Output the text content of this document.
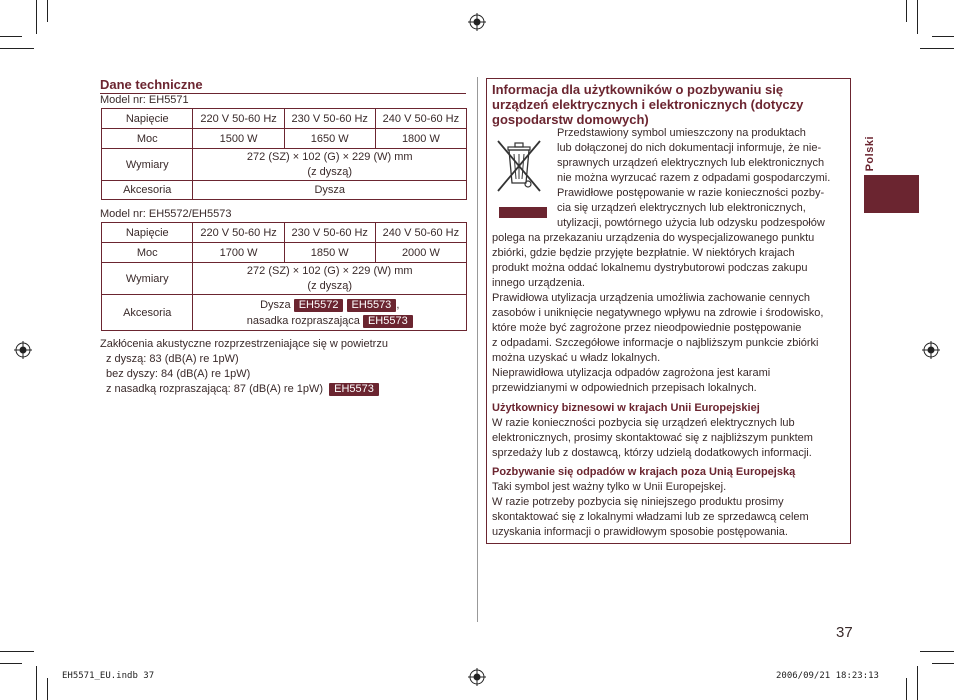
Dane techniczne
Model nr: EH5571
Napięcie	220 V 50-60 Hz	230 V 50-60 Hz	240 V 50-60 Hz
Moc	1500 W	1650 W	1800 W
Wymiary	272 (SZ) × 102 (G) × 229 (W) mm
(z dyszą)		
Akcesoria	Dysza		
Model nr: EH5572/EH5573
Napięcie	220 V 50-60 Hz	230 V 50-60 Hz	240 V 50-60 Hz
Moc	1700 W	1850 W	2000 W
Wymiary	272 (SZ) × 102 (G) × 229 (W) mm
(z dyszą)		
Akcesoria	Dysza EH5572 EH5573 ,
nasadka rozpraszająca EH5573		
Zakłócenia akustyczne rozprzestrzeniające się w powietrzu
z dyszą: 83 (dB(A) re 1pW)
bez dyszy: 84 (dB(A) re 1pW)
z nasadką rozpraszającą: 87 (dB(A) re 1pW) EH5573
Informacja dla użytkowników o pozbywaniu się urządzeń elektrycznych i elektronicznych (dotyczy gospodarstw domowych)
Przedstawiony symbol umieszczony na produktach
lub dołączonej do nich dokumentacji informuje, że nie-
sprawnych urządzeń elektrycznych lub elektronicznych
nie można wyrzucać razem z odpadami gospodarczymi.
Prawidłowe postępowanie w razie konieczności pozby-
cia się urządzeń elektrycznych lub elektronicznych,
utylizacji, powtórnego użycia lub odzysku podzespołów
polega na przekazaniu urządzenia do wyspecjalizowanego punktu
zbiórki, gdzie będzie przyjęte bezpłatnie. W niektórych krajach
produkt można oddać lokalnemu dystrybutorowi podczas zakupu
innego urządzenia.
Prawidłowa utylizacja urządzenia umożliwia zachowanie cennych
zasobów i uniknięcie negatywnego wpływu na zdrowie i środowisko,
które może być zagrożone przez nieodpowiednie postępowanie
z odpadami. Szczegółowe informacje o najbliższym punkcie zbiórki
można uzyskać u władz lokalnych.
Nieprawidłowa utylizacja odpadów zagrożona jest karami
przewidzianymi w odpowiednich przepisach lokalnych.
Użytkownicy biznesowi w krajach Unii Europejskiej
W razie konieczności pozbycia się urządzeń elektrycznych lub
elektronicznych, prosimy skontaktować się z najbliższym punktem
sprzedaży lub z dostawcą, którzy udzielą dodatkowych informacji.
Pozbywanie się odpadów w krajach poza Unią Europejską
Taki symbol jest ważny tylko w Unii Europejskej.
W razie potrzeby pozbycia się niniejszego produktu prosimy
skontaktować się z lokalnymi władzami lub ze sprzedawcą celem
uzyskania informacji o prawidłowym sposobie postępowania.
Polski
37
EH5571_EU.indb 37	2006/09/21 18:23:13
